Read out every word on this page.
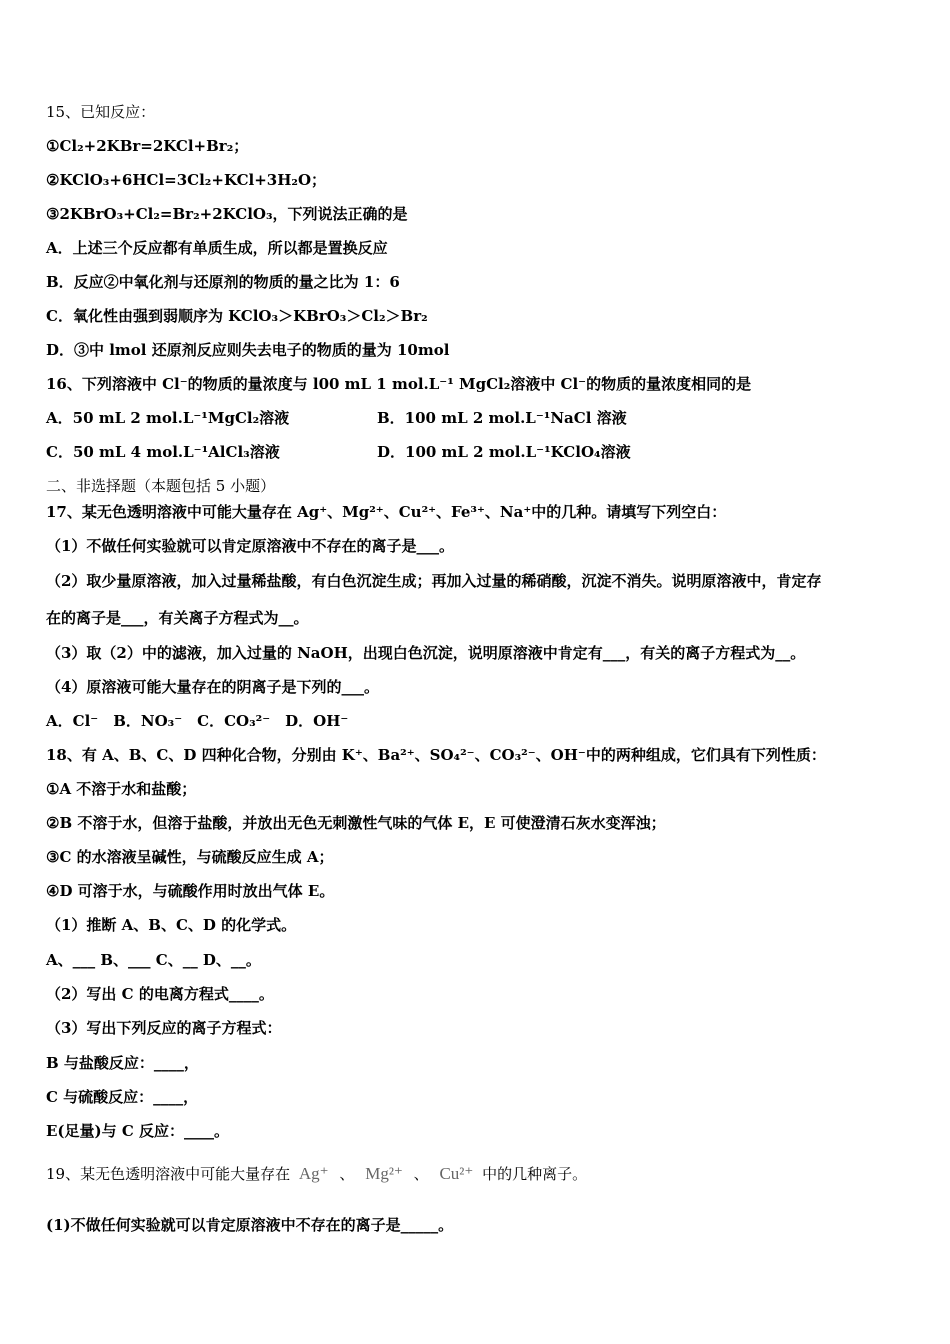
15、已知反应：
①Cl₂+2KBr=2KCl+Br₂；
②KClO₃+6HCl=3Cl₂+KCl+3H₂O；
③2KBrO₃+Cl₂=Br₂+2KClO₃，下列说法正确的是
A．上述三个反应都有单质生成，所以都是置换反应
B．反应②中氧化剂与还原剂的物质的量之比为 1：6
C．氧化性由强到弱顺序为 KClO₃＞KBrO₃＞Cl₂＞Br₂
D．③中 lmol 还原剂反应则失去电子的物质的量为 10mol
16、下列溶液中 Cl⁻的物质的量浓度与 l00 mL 1 mol.L⁻¹ MgCl₂溶液中 Cl⁻的物质的量浓度相同的是
A．50 mL 2 mol.L⁻¹MgCl₂溶液	B．100 mL 2 mol.L⁻¹NaCl 溶液
C．50 mL 4 mol.L⁻¹AlCl₃溶液	D．100 mL 2 mol.L⁻¹KClO₄溶液
二、非选择题（本题包括 5 小题）
17、某无色透明溶液中可能大量存在 Ag⁺、Mg²⁺、Cu²⁺、Fe³⁺、Na⁺中的几种。请填写下列空白：
（1）不做任何实验就可以肯定原溶液中不存在的离子是___。
（2）取少量原溶液，加入过量稀盐酸，有白色沉淀生成；再加入过量的稀硝酸，沉淀不消失。说明原溶液中，肯定存
在的离子是___，有关离子方程式为__。
（3）取（2）中的滤液，加入过量的 NaOH，出现白色沉淀，说明原溶液中肯定有___，有关的离子方程式为__。
（4）原溶液可能大量存在的阴离子是下列的___。
A．Cl⁻　B．NO₃⁻　C．CO₃²⁻　D．OH⁻
18、有 A、B、C、D 四种化合物，分别由 K⁺、Ba²⁺、SO₄²⁻、CO₃²⁻、OH⁻中的两种组成，它们具有下列性质：
①A 不溶于水和盐酸；
②B 不溶于水，但溶于盐酸，并放出无色无刺激性气味的气体 E，E 可使澄清石灰水变浑浊；
③C 的水溶液呈碱性，与硫酸反应生成 A；
④D 可溶于水，与硫酸作用时放出气体 E。
（1）推断 A、B、C、D 的化学式。
A、___ B、___ C、__ D、__。
（2）写出 C 的电离方程式____。
（3）写出下列反应的离子方程式：
B 与盐酸反应：____，
C 与硫酸反应：____，
E(足量)与 C 反应：____。
19、某无色透明溶液中可能大量存在 Ag⁺ 、 Mg²⁺ 、 Cu²⁺ 中的几种离子。
(1)不做任何实验就可以肯定原溶液中不存在的离子是_____。
